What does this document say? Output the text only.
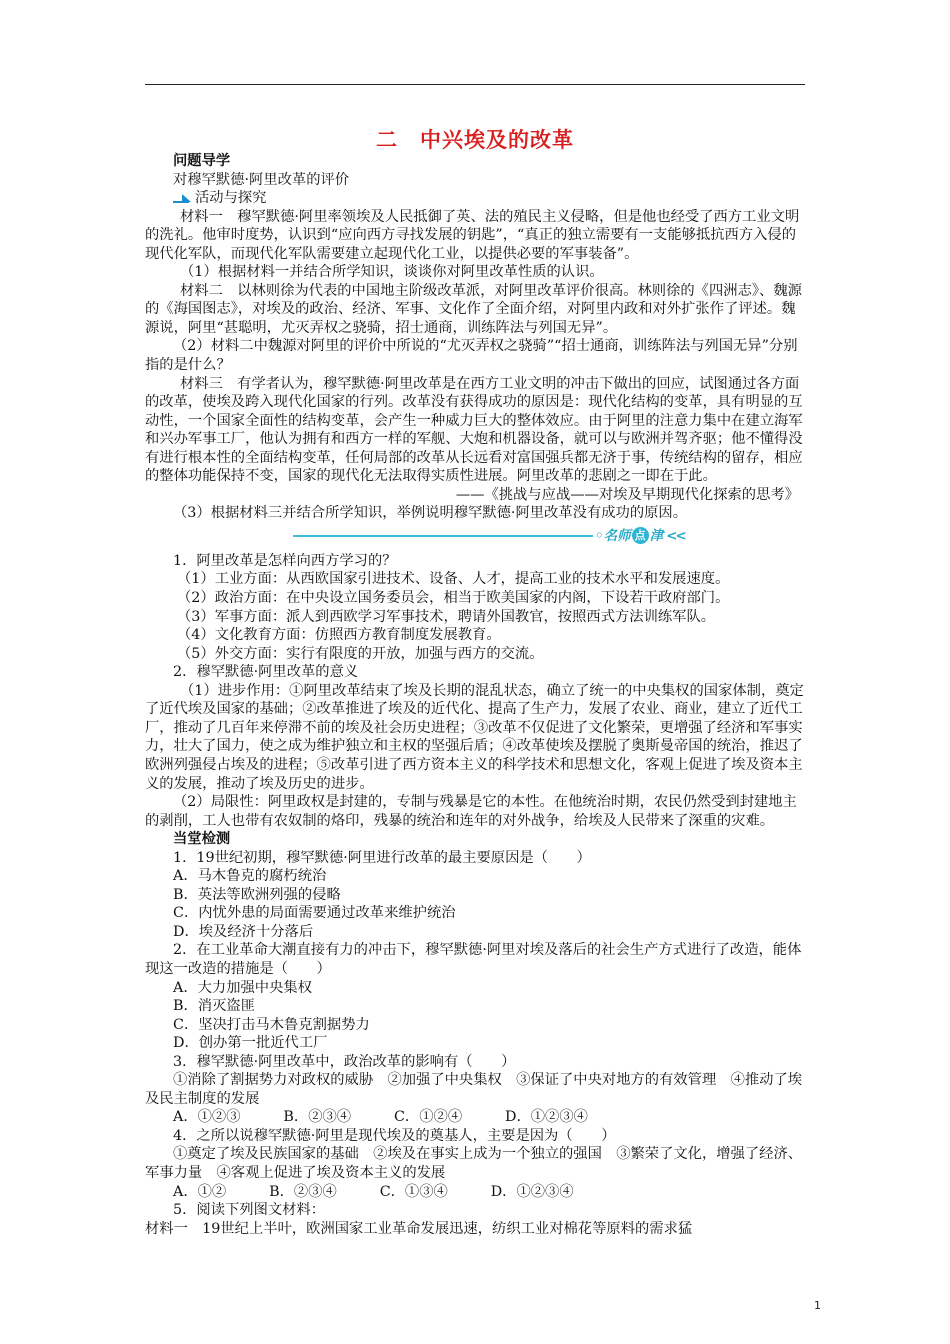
二　中兴埃及的改革

问题导学

对穆罕默德·阿里改革的评价

活动与探究

材料一　穆罕默德·阿里率领埃及人民抵御了英、法的殖民主义侵略，但是他也经受了西方工业文明的洗礼。他审时度势，认识到“应向西方寻找发展的钥匙”，“真正的独立需要有一支能够抵抗西方入侵的现代化军队，而现代化军队需要建立起现代化工业，以提供必要的军事装备”。

（1）根据材料一并结合所学知识，谈谈你对阿里改革性质的认识。

材料二　以林则徐为代表的中国地主阶级改革派，对阿里改革评价很高。林则徐的《四洲志》、魏源的《海国图志》，对埃及的政治、经济、军事、文化作了全面介绍，对阿里内政和对外扩张作了评述。魏源说，阿里“甚聪明，尤灭弄权之骁骑，招士通商，训练阵法与列国无异”。

（2）材料二中魏源对阿里的评价中所说的“尤灭弄权之骁骑”“招士通商，训练阵法与列国无异”分别指的是什么？

材料三　有学者认为，穆罕默德·阿里改革是在西方工业文明的冲击下做出的回应，试图通过各方面的改革，使埃及跨入现代化国家的行列。改革没有获得成功的原因是：现代化结构的变革，具有明显的互动性，一个国家全面性的结构变革，会产生一种威力巨大的整体效应。由于阿里的注意力集中在建立海军和兴办军事工厂，他认为拥有和西方一样的军舰、大炮和机器设备，就可以与欧洲并驾齐驱；他不懂得没有进行根本性的全面结构变革，任何局部的改革从长远看对富国强兵都无济于事，传统结构的留存，相应的整体功能保持不变，国家的现代化无法取得实质性进展。阿里改革的悲剧之一即在于此。

——《挑战与应战——对埃及早期现代化探索的思考》

（3）根据材料三并结合所学知识，举例说明穆罕默德·阿里改革没有成功的原因。

◦ 名师 点 津 <<

1．阿里改革是怎样向西方学习的？

（1）工业方面：从西欧国家引进技术、设备、人才，提高工业的技术水平和发展速度。

（2）政治方面：在中央设立国务委员会，相当于欧美国家的内阁，下设若干政府部门。

（3）军事方面：派人到西欧学习军事技术，聘请外国教官，按照西式方法训练军队。

（4）文化教育方面：仿照西方教育制度发展教育。

（5）外交方面：实行有限度的开放，加强与西方的交流。

2．穆罕默德·阿里改革的意义

（1）进步作用：①阿里改革结束了埃及长期的混乱状态，确立了统一的中央集权的国家体制，奠定了近代埃及国家的基础；②改革推进了埃及的近代化、提高了生产力，发展了农业、商业，建立了近代工厂，推动了几百年来停滞不前的埃及社会历史进程；③改革不仅促进了文化繁荣，更增强了经济和军事实力，壮大了国力，使之成为维护独立和主权的坚强后盾；④改革使埃及摆脱了奥斯曼帝国的统治，推迟了欧洲列强侵占埃及的进程；⑤改革引进了西方资本主义的科学技术和思想文化，客观上促进了埃及资本主义的发展，推动了埃及历史的进步。

（2）局限性：阿里政权是封建的，专制与残暴是它的本性。在他统治时期，农民仍然受到封建地主的剥削，工人也带有农奴制的烙印，残暴的统治和连年的对外战争，给埃及人民带来了深重的灾难。

当堂检测

1．19世纪初期，穆罕默德·阿里进行改革的最主要原因是（　　）

A．马木鲁克的腐朽统治

B．英法等欧洲列强的侵略

C．内忧外患的局面需要通过改革来维护统治

D．埃及经济十分落后

2．在工业革命大潮直接有力的冲击下，穆罕默德·阿里对埃及落后的社会生产方式进行了改造，能体现这一改造的措施是（　　）

A．大力加强中央集权

B．消灭盗匪

C．坚决打击马木鲁克割据势力

D．创办第一批近代工厂

3．穆罕默德·阿里改革中，政治改革的影响有（　　）

①消除了割据势力对政权的威胁　②加强了中央集权　③保证了中央对地方的有效管理　④推动了埃及民主制度的发展

A．①②③　　　B．②③④　　　C．①②④　　　D．①②③④

4．之所以说穆罕默德·阿里是现代埃及的奠基人，主要是因为（　　）

①奠定了埃及民族国家的基础　②埃及在事实上成为一个独立的强国　③繁荣了文化，增强了经济、军事力量　④客观上促进了埃及资本主义的发展

A．①②　　　B．②③④　　　C．①③④　　　D．①②③④

5．阅读下列图文材料：

材料一　19世纪上半叶，欧洲国家工业革命发展迅速，纺织工业对棉花等原料的需求猛

1
